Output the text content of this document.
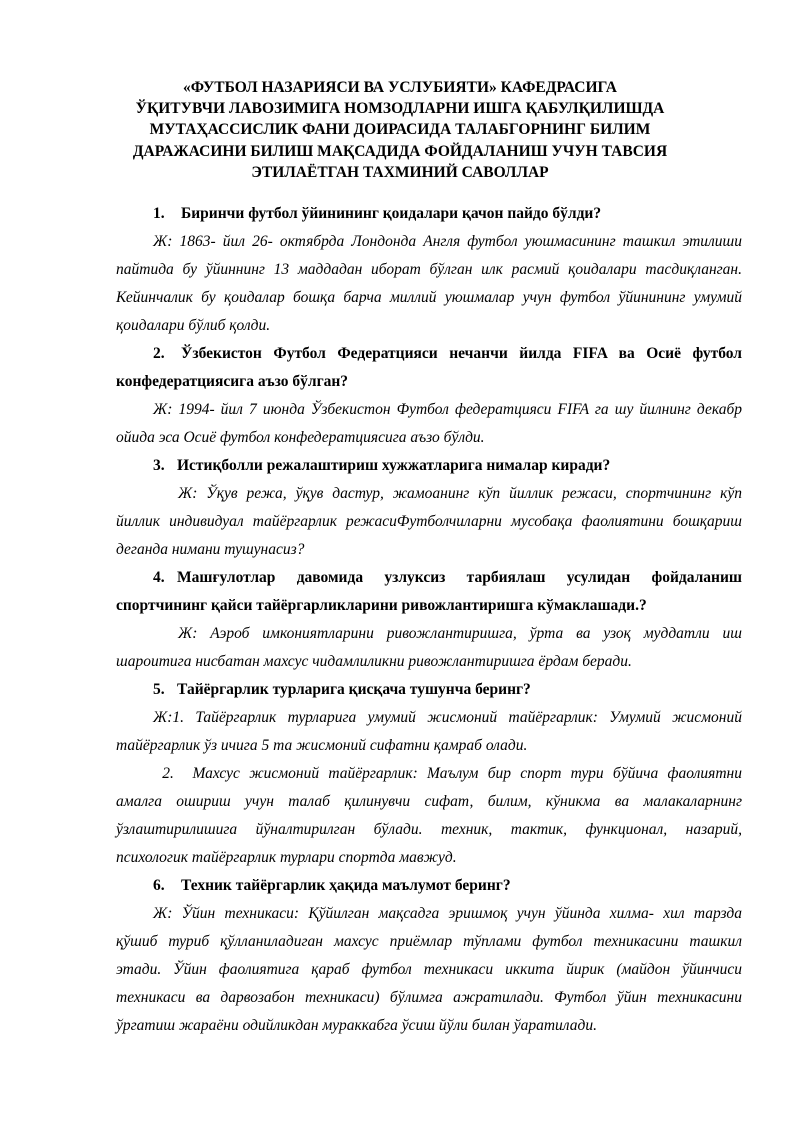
«ФУТБОЛ НАЗАРИЯСИ ВА УСЛУБИЯТИ» КАФЕДРАСИГА
ЎҚИТУВЧИ ЛАВОЗИМИГА НОМЗОДЛАРНИ ИШГА ҚАБУЛҚИЛИШДА
МУТАҲАССИСЛИК ФАНИ ДОИРАСИДА ТАЛАБГОРНИНГ БИЛИМ
ДАРАЖАСИНИ БИЛИШ МАҚСАДИДА ФОЙДАЛАНИШ УЧУН ТАВСИЯ
ЭТИЛАЁТГАН ТАХМИНИЙ САВОЛЛАР
1. Биринчи футбол ўйинининг қоидалари қачон пайдо бўлди?
Ж: 1863- йил 26- октябрда Лондонда Англя футбол уюшмасининг ташкил этилиши
пайтида бу ўйиннинг 13 маддадан иборат бўлган илк расмий қоидалари тасдиқланган.
Кейинчалик бу қоидалар бошқа барча миллий уюшмалар учун футбол ўйинининг умумий
қоидалари бўлиб қолди.
2. Ўзбекистон Футбол Федератцияси нечанчи йилда FIFA ва Осиё футбол
конфедератциясига аъзо бўлган?
Ж: 1994- йил 7 июнда Ўзбекистон Футбол федератцияси FIFA га шу йилнинг декабр
ойида эса Осиё футбол конфедератциясига аъзо бўлди.
3. Истиқболли режалаштириш хужжатларига нималар киради?
Ж: Ўқув режа, ўқув дастур, жамоанинг кўп йиллик режаси, спортчининг кўп
йиллик индивидуал тайёргарлик режасиФутболчиларни мусобақа фаолиятини бошқариш
деганда нимани тушунасиз?
4. Машғулотлар давомида узлуксиз тарбиялаш усулидан фойдаланиш
спортчининг қайси тайёргарликларини ривожлантиришга кўмаклашади.?
Ж: Аэроб имкониятларини ривожлантиришга, ўрта ва узоқ муддатли иш
шароитига нисбатан махсус чидамлиликни ривожлантиришга ёрдам беради.
5. Тайёргарлик турларига қисқача тушунча беринг?
Ж:1. Тайёргарлик турларига умумий жисмоний тайёргарлик: Умумий жисмоний
тайёргарлик ўз ичига 5 та жисмоний сифатни қамраб олади.
2.  Махсус жисмоний тайёргарлик: Маълум бир спорт тури бўйича фаолиятни
амалга ошириш учун талаб қилинувчи сифат, билим, кўникма ва малакаларнинг
ўзлаштирилишига йўналтирилган бўлади. техник, тактик, функционал, назарий,
психологик тайёргарлик турлари спортда мавжуд.
6. Техник тайёргарлик ҳақида маълумот беринг?
Ж: Ўйин техникаси: Қўйилган мақсадга эришмоқ учун ўйинда хилма- хил тарзда
қўшиб туриб қўлланиладиган махсус приёмлар тўплами футбол техникасини ташкил
этади. Ўйин фаолиятига қараб футбол техникаси иккита йирик (майдон ўйинчиси
техникаси ва дарвозабон техникаси) бўлимга ажратилади. Футбол ўйин техникасини
ўргатиш жараёни одийликдан мураккабга ўсиш йўли билан ўаратилади.
